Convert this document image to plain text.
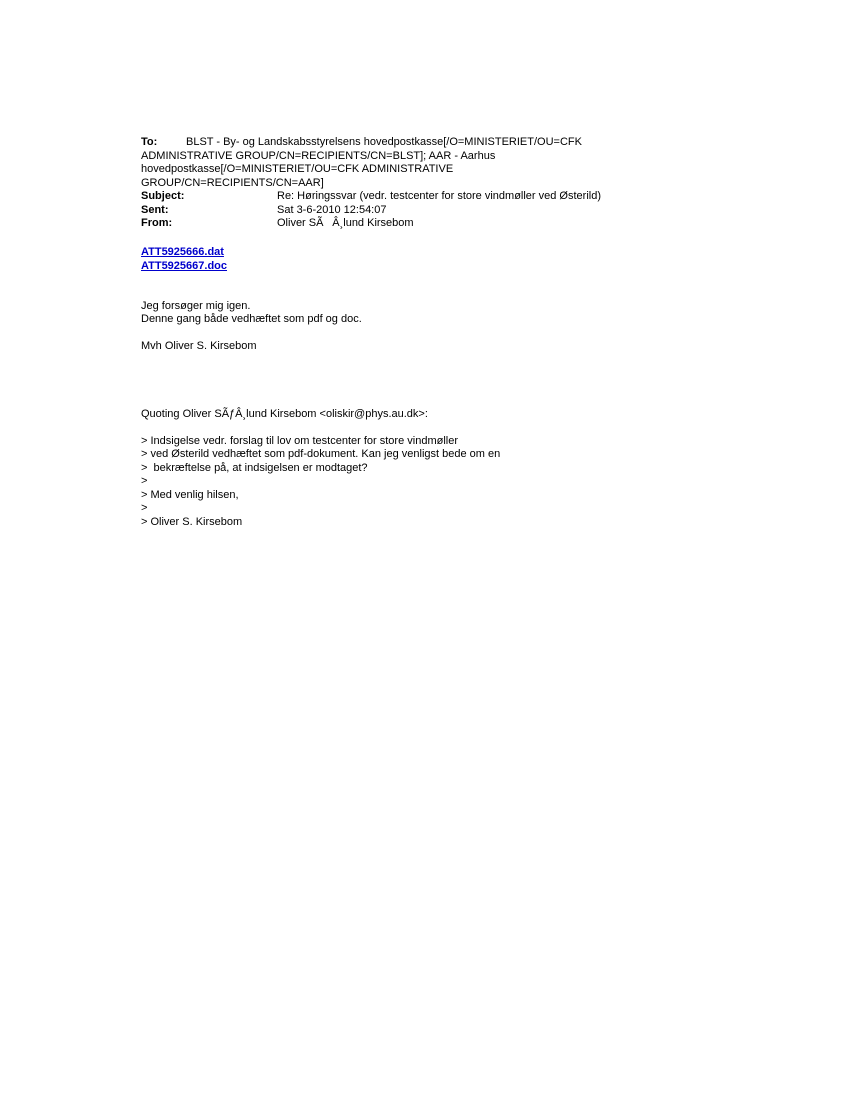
To:	BLST - By- og Landskabsstyrelsens hovedpostkasse[/O=MINISTERIET/OU=CFK
ADMINISTRATIVE GROUP/CN=RECIPIENTS/CN=BLST]; AAR - Aarhus
hovedpostkasse[/O=MINISTERIET/OU=CFK ADMINISTRATIVE
GROUP/CN=RECIPIENTS/CN=AAR]
Subject:	Re: Høringssvar (vedr. testcenter for store vindmøller ved Østerild)
Sent:	Sat 3-6-2010 12:54:07
From:	Oliver SÃÂ¸lund Kirsebom
ATT5925666.dat
ATT5925667.doc
Jeg forsøger mig igen.
Denne gang både vedhæftet som pdf og doc.
Mvh Oliver S. Kirsebom
Quoting Oliver SÃƒÂ¸lund Kirsebom <oliskir@phys.au.dk>:
> Indsigelse vedr. forslag til lov om testcenter for store vindmøller
> ved Østerild vedhæftet som pdf-dokument. Kan jeg venligst bede om en
>  bekræftelse på, at indsigelsen er modtaget?
>
> Med venlig hilsen,
>
> Oliver S. Kirsebom
